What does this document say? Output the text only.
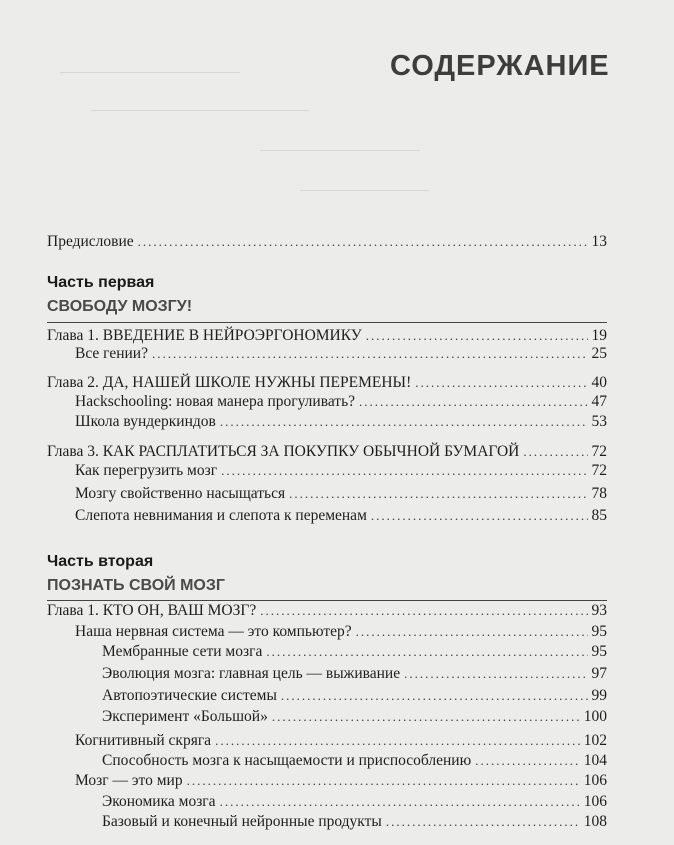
СОДЕРЖАНИЕ
Предисловие .....	13
Часть первая
СВОБОДУ МОЗГУ!
Глава 1. ВВЕДЕНИЕ В НЕЙРОЭРГОНОМИКУ .....	19
Все гении? .....	25
Глава 2. ДА, НАШЕЙ ШКОЛЕ НУЖНЫ ПЕРЕМЕНЫ! .....	40
Hackschooling: новая манера прогуливать? .....	47
Школа вундеркиндов .....	53
Глава 3. КАК РАСПЛАТИТЬСЯ ЗА ПОКУПКУ ОБЫЧНОЙ БУМАГОЙ .....	72
Как перегрузить мозг .....	72
Мозгу свойственно насыщаться .....	78
Слепота невнимания и слепота к переменам .....	85
Часть вторая
ПОЗНАТЬ СВОЙ МОЗГ
Глава 1. КТО ОН, ВАШ МОЗГ? .....	93
Наша нервная система — это компьютер? .....	95
Мембранные сети мозга .....	95
Эволюция мозга: главная цель — выживание .....	97
Автопоэтические системы .....	99
Эксперимент «Большой» .....	100
Когнитивный скряга .....	102
Способность мозга к насыщаемости и приспособлению .....	104
Мозг — это мир .....	106
Экономика мозга .....	106
Базовый и конечный нейронные продукты .....	108
